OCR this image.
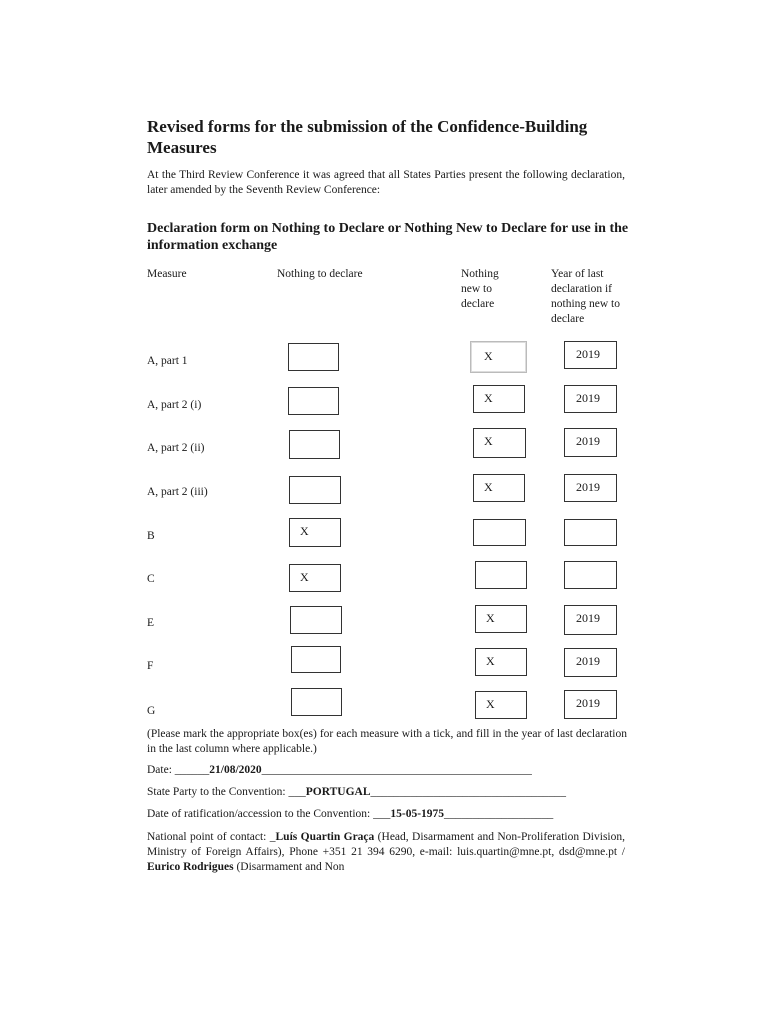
Revised forms for the submission of the Confidence-Building Measures
At the Third Review Conference it was agreed that all States Parties present the following declaration, later amended by the Seventh Review Conference:
Declaration form on Nothing to Declare or Nothing New to Declare for use in the information exchange
Measure	Nothing to declare	Nothing
new to
declare
Year of last
declaration if
nothing new to
declare
A, part 1
A, part 2 (i)
A, part 2 (ii)
A, part 2 (iii)
B
C
E
F
G
X
X
X
X
X
X
X
X
X
2019
2019
2019
2019
2019
2019
2019
(Please mark the appropriate box(es) for each measure with a tick, and fill in the year of last declaration in the last column where applicable.)
Date: ______21/08/2020_______________________________________________
State Party to the Convention: ___PORTUGAL__________________________________
Date of ratification/accession to the Convention: ___15-05-1975___________________
National point of contact: _Luís Quartin Graça (Head, Disarmament and Non-Proliferation Division, Ministry of Foreign Affairs), Phone +351 21 394 6290, e-mail: luis.quartin@mne.pt, dsd@mne.pt / Eurico Rodrigues (Disarmament and Non
